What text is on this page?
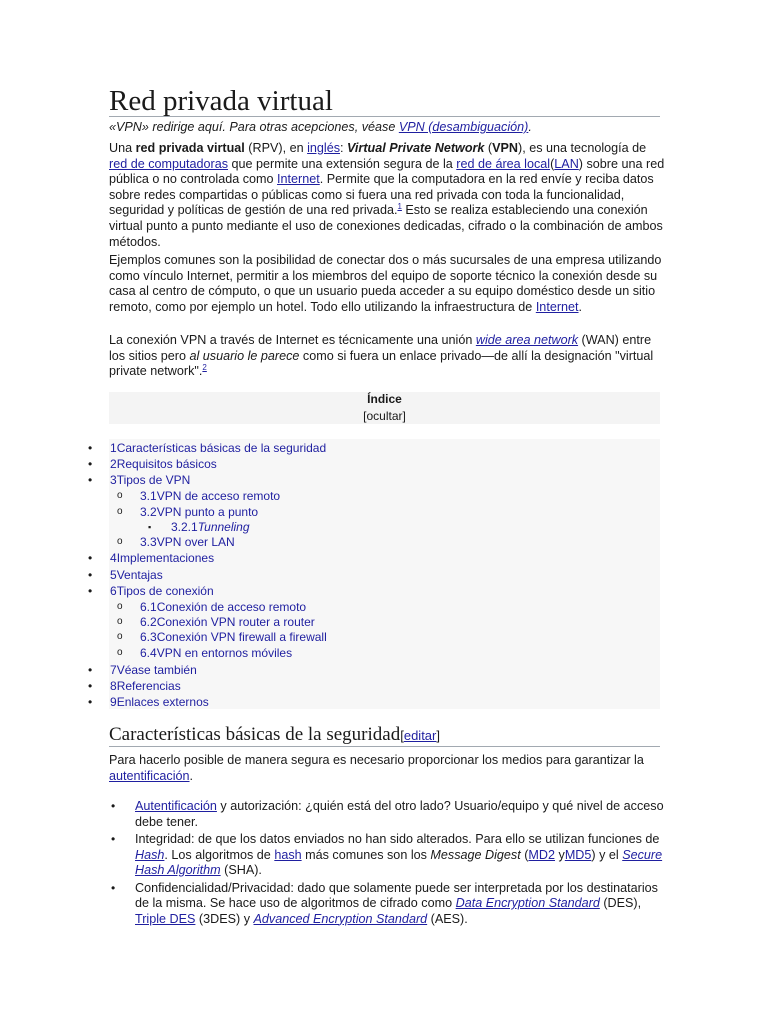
Red privada virtual
«VPN» redirige aquí. Para otras acepciones, véase VPN (desambiguación).

Una red privada virtual (RPV), en inglés: Virtual Private Network (VPN), es una tecnología de red de computadoras que permite una extensión segura de la red de área local(LAN) sobre una red pública o no controlada como Internet. Permite que la computadora en la red envíe y reciba datos sobre redes compartidas o públicas como si fuera una red privada con toda la funcionalidad, seguridad y políticas de gestión de una red privada.$^1$ Esto se realiza estableciendo una conexión virtual punto a punto mediante el uso de conexiones dedicadas, cifrado o la combinación de ambos métodos.

Ejemplos comunes son la posibilidad de conectar dos o más sucursales de una empresa utilizando como vínculo Internet, permitir a los miembros del equipo de soporte técnico la conexión desde su casa al centro de cómputo, o que un usuario pueda acceder a su equipo doméstico desde un sitio remoto, como por ejemplo un hotel. Todo ello utilizando la infraestructura de Internet.

La conexión VPN a través de Internet es técnicamente una unión wide area network (WAN) entre los sitios pero al usuario le parece como si fuera un enlace privado—de allí la designación "virtual private network".$^2$

Índice
[ocultar]
• 1Características básicas de la seguridad
• 2Requisitos básicos
• 3Tipos de VPN
o 3.1VPN de acceso remoto
o 3.2VPN punto a punto
▪ 3.2.1Tunneling
o 3.3VPN over LAN
• 4Implementaciones
• 5Ventajas
• 6Tipos de conexión
o 6.1Conexión de acceso remoto
o 6.2Conexión VPN router a router
o 6.3Conexión VPN firewall a firewall
o 6.4VPN en entornos móviles
• 7Véase también
• 8Referencias
• 9Enlaces externos
Características básicas de la seguridad[editar]

Para hacerlo posible de manera segura es necesario proporcionar los medios para garantizar la autentificación.

• Autentificación y autorización: ¿quién está del otro lado? Usuario/equipo y qué nivel de acceso debe tener.
• Integridad: de que los datos enviados no han sido alterados. Para ello se utilizan funciones de Hash. Los algoritmos de hash más comunes son los Message Digest (MD2 yMD5) y el Secure Hash Algorithm (SHA).
• Confidencialidad/Privacidad: dado que solamente puede ser interpretada por los destinatarios de la misma. Se hace uso de algoritmos de cifrado como Data Encryption Standard (DES), Triple DES (3DES) y Advanced Encryption Standard (AES).
